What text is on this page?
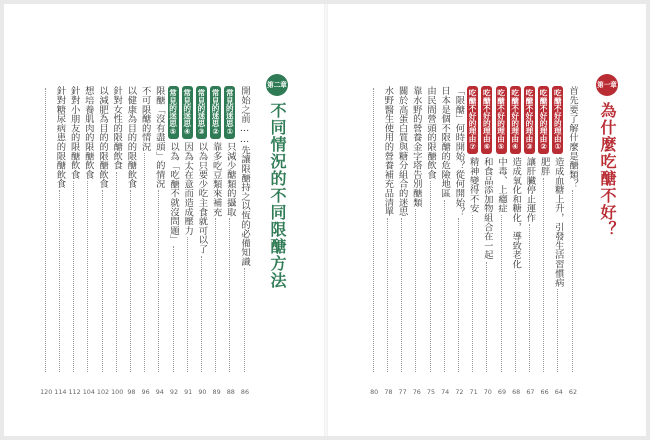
第二章
不同情況的不同限醣方法
開始之前……先讓限醣持之以恆的必備知識
86
常見的迷思①
只減少醣類的攝取
88
常見的迷思②
靠多吃豆類來補充
89
常見的迷思③
以為只要少吃主食就可以了
90
常見的迷思④
因為太在意而造成壓力
91
常見的迷思⑤
以為「吃醣不就沒問題」
92
限醣「沒有盡頭」的情況
94
不可限醣的情況
96
以健康為目的的限醣飲食
98
針對女性的限醣飲食
100
以減肥為目的的限醣飲食
102
想培養肌肉的限醣飲食
104
針對小朋友的限醣飲食
112
針對糖尿病患的限醣飲食
114
120
第一章
為什麼吃醣不好？
首先要了解什麼是醣類？
62
吃醣不好的理由①
造成血糖上升，引發生活習慣病
64
吃醣不好的理由②
肥胖
66
吃醣不好的理由③
讓肝臟停止運作
67
吃醣不好的理由④
造成氧化和糖化，導致老化
68
吃醣不好的理由⑤
中毒、上癮症
69
吃醣不好的理由⑥
和食品添加物組合在一起
70
吃醣不好的理由⑦
精神變得不安
71
「限醣」何時開始？從何開始？
72
日本是個不限醣的危險地區
74
由民間營頭的限醣飲食
75
靠水野的營養金字塔告別醣類
76
關於高蛋白質與糖分組合的迷思
77
水野醫生使用的營養補充品清單
78
80
